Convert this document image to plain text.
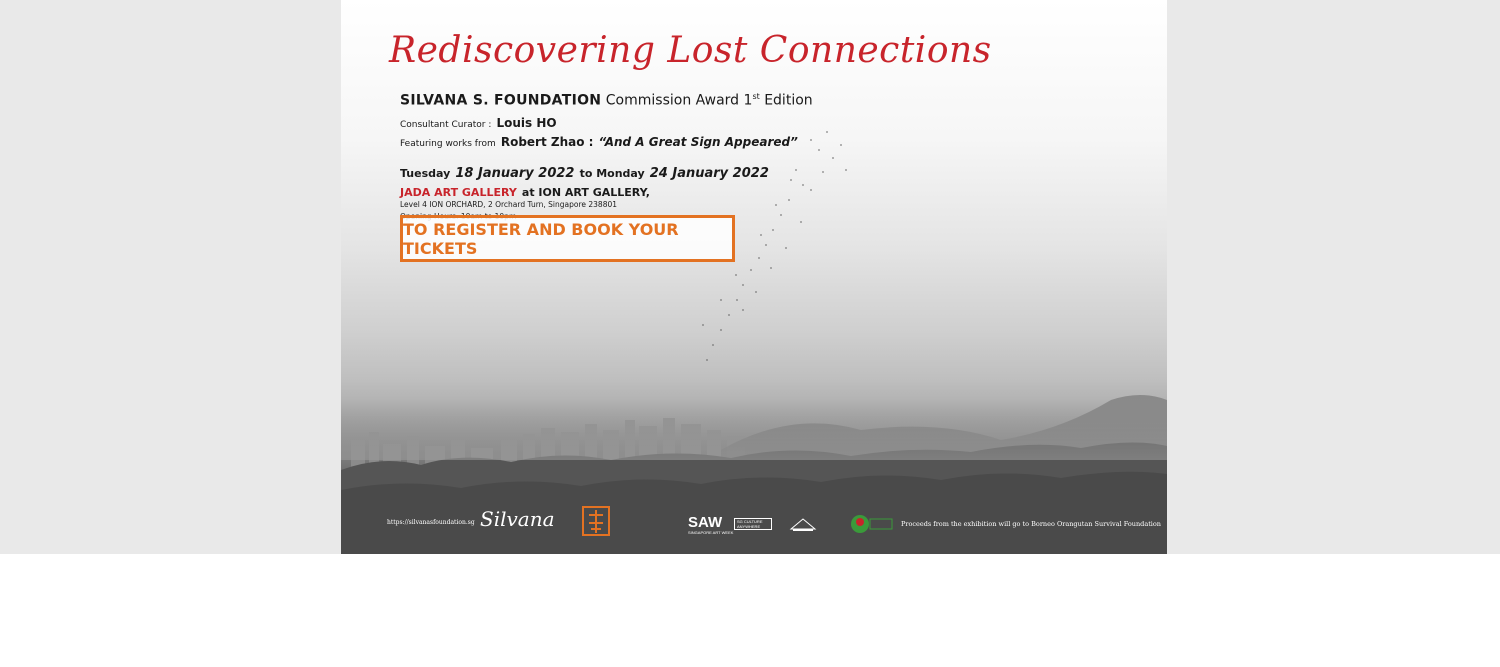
Rediscovering Lost Connections
SILVANA S. FOUNDATION Commission Award 1st Edition
Consultant Curator : Louis HO
Featuring works from Robert Zhao : “And A Great Sign Appeared”
Tuesday 18 January 2022 to Monday 24 January 2022
JADA ART GALLERY at ION ART GALLERY,
Level 4 ION ORCHARD, 2 Orchard Turn, Singapore 238801
TO REGISTER AND BOOK YOUR TICKETS
https://silvanasfoundation.sg Silvana	SAW
SINGAPORE ART WEEK
SG CULTURE ANYWHERE	Proceeds from the exhibition will go to Borneo Orangutan Survival Foundation
